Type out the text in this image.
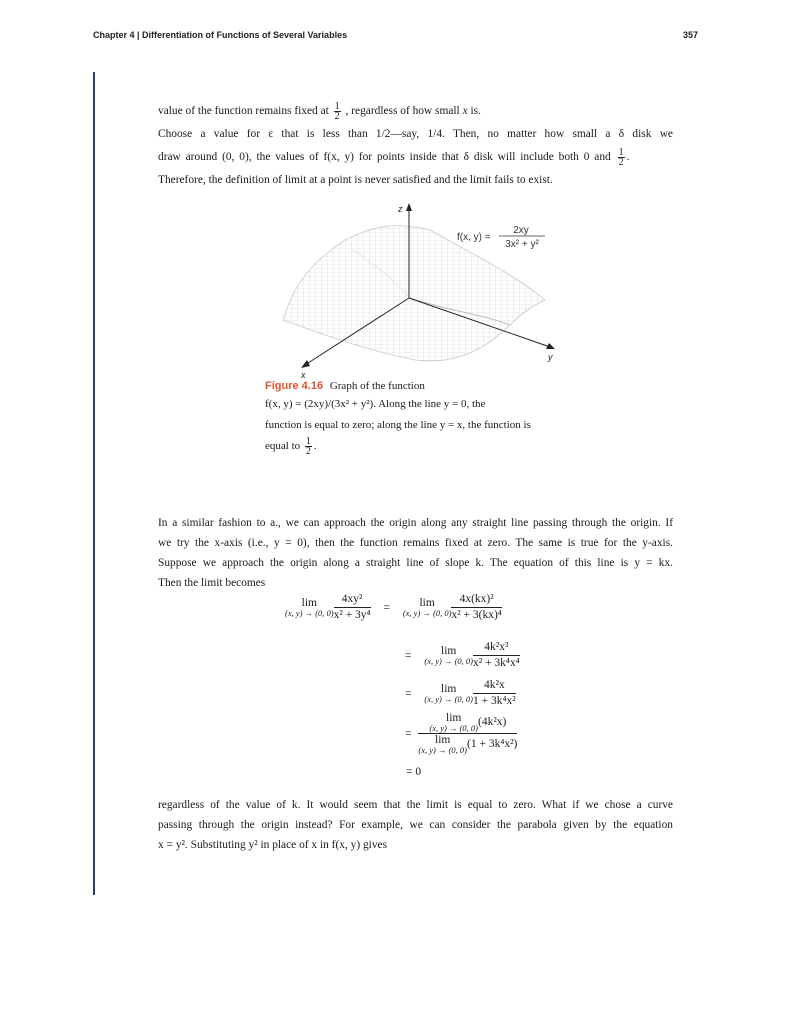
Chapter 4 | Differentiation of Functions of Several Variables	357
value of the function remains fixed at $\frac{1}{2}$ , regardless of how small x is.
Choose a value for ε that is less than 1/2—say, 1/4. Then, no matter how small a δ disk we
draw around (0, 0), the values of f(x, y) for points inside that δ disk will include both 0 and $\frac{1}{2}$ .
Therefore, the definition of limit at a point is never satisfied and the limit fails to exist.
z
x
y
f(x, y) =
2xy
3x² + y²
Figure 4.16 Graph of the function
f(x, y) = (2xy)/(3x² + y²). Along the line y = 0, the
function is equal to zero; along the line y = x, the function is
equal to $\frac{1}{2}$ .
In a similar fashion to a., we can approach the origin along any straight line passing through the origin. If
we try the x-axis (i.e., y = 0), then the function remains fixed at zero. The same is true for the y-axis.
Suppose we approach the origin along a straight line of slope k. The equation of this line is y = kx.
Then the limit becomes
lim
(x, y) → (0, $0) \frac{\text{4xy²}}{\text{x² + 3y⁴}}$ =	lim
(x, y) → (0, $0) \frac{\text{4x(kx)²}}{\text{x² + 3(kx)⁴}}$
=	lim
(x, y) → (0, $0) \frac{\text{4k²x³}}{\text{x² + 3k⁴x⁴}}$
=	lim
(x, y) → (0, $0) \frac{\text{4k²x}}{\text{1 + 3k⁴x²}}$
= lim
(x, y) → (0, 0) (4k²x)
lim
(x, y) → (0, 0) (1 + 3k⁴x²)
= 0
regardless of the value of k. It would seem that the limit is equal to zero. What if we chose a curve
passing through the origin instead? For example, we can consider the parabola given by the equation
x = y². Substituting y² in place of x in f(x, y) gives
